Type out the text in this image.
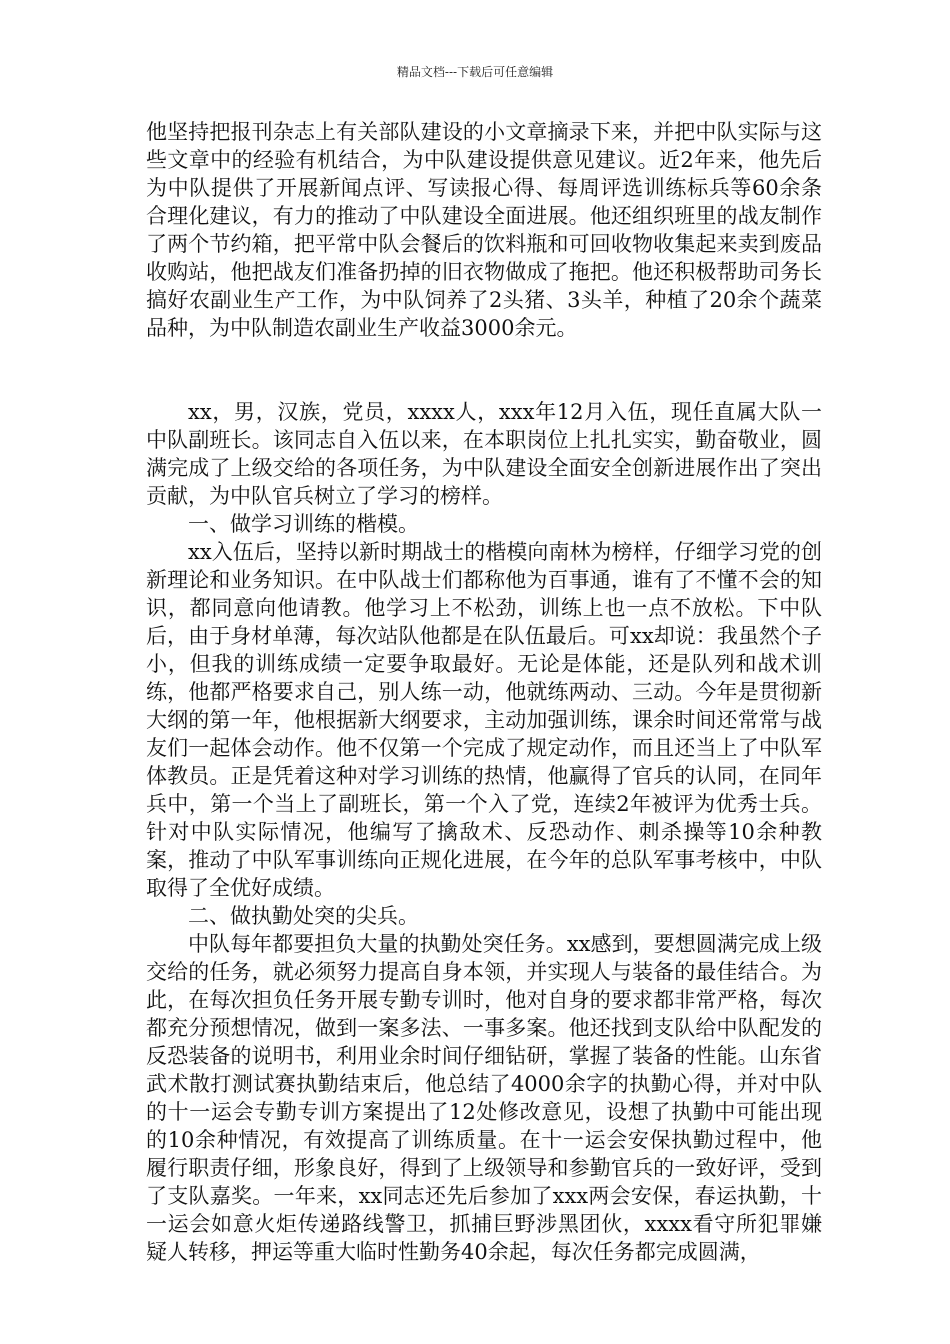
精品文档---下载后可任意编辑

他坚持把报刊杂志上有关部队建设的小文章摘录下来，并把中队实际与这些文章中的经验有机结合，为中队建设提供意见建议。近2年来，他先后为中队提供了开展新闻点评、写读报心得、每周评选训练标兵等60余条合理化建议，有力的推动了中队建设全面进展。他还组织班里的战友制作了两个节约箱，把平常中队会餐后的饮料瓶和可回收物收集起来卖到废品收购站，他把战友们准备扔掉的旧衣物做成了拖把。他还积极帮助司务长搞好农副业生产工作，为中队饲养了2头猪、3头羊，种植了20余个蔬菜品种，为中队制造农副业生产收益3000余元。

xx，男，汉族，党员，xxxx人，xxx年12月入伍，现任直属大队一中队副班长。该同志自入伍以来，在本职岗位上扎扎实实，勤奋敬业，圆满完成了上级交给的各项任务，为中队建设全面安全创新进展作出了突出贡献，为中队官兵树立了学习的榜样。

一、做学习训练的楷模。

xx入伍后，坚持以新时期战士的楷模向南林为榜样，仔细学习党的创新理论和业务知识。在中队战士们都称他为百事通，谁有了不懂不会的知识，都同意向他请教。他学习上不松劲，训练上也一点不放松。下中队后，由于身材单薄，每次站队他都是在队伍最后。可xx却说：我虽然个子小，但我的训练成绩一定要争取最好。无论是体能，还是队列和战术训练，他都严格要求自己，别人练一动，他就练两动、三动。今年是贯彻新大纲的第一年，他根据新大纲要求，主动加强训练，课余时间还常常与战友们一起体会动作。他不仅第一个完成了规定动作，而且还当上了中队军体教员。正是凭着这种对学习训练的热情，他赢得了官兵的认同，在同年兵中，第一个当上了副班长，第一个入了党，连续2年被评为优秀士兵。针对中队实际情况，他编写了擒敌术、反恐动作、刺杀操等10余种教案，推动了中队军事训练向正规化进展，在今年的总队军事考核中，中队取得了全优好成绩。

二、做执勤处突的尖兵。

中队每年都要担负大量的执勤处突任务。xx感到，要想圆满完成上级交给的任务，就必须努力提高自身本领，并实现人与装备的最佳结合。为此，在每次担负任务开展专勤专训时，他对自身的要求都非常严格，每次都充分预想情况，做到一案多法、一事多案。他还找到支队给中队配发的反恐装备的说明书，利用业余时间仔细钻研，掌握了装备的性能。山东省武术散打测试赛执勤结束后，他总结了4000余字的执勤心得，并对中队的十一运会专勤专训方案提出了12处修改意见，设想了执勤中可能出现的10余种情况，有效提高了训练质量。在十一运会安保执勤过程中，他履行职责仔细，形象良好，得到了上级领导和参勤官兵的一致好评，受到了支队嘉奖。一年来，xx同志还先后参加了xxx两会安保，春运执勤，十一运会如意火炬传递路线警卫，抓捕巨野涉黑团伙，xxxx看守所犯罪嫌疑人转移，押运等重大临时性勤务40余起，每次任务都完成圆满，
